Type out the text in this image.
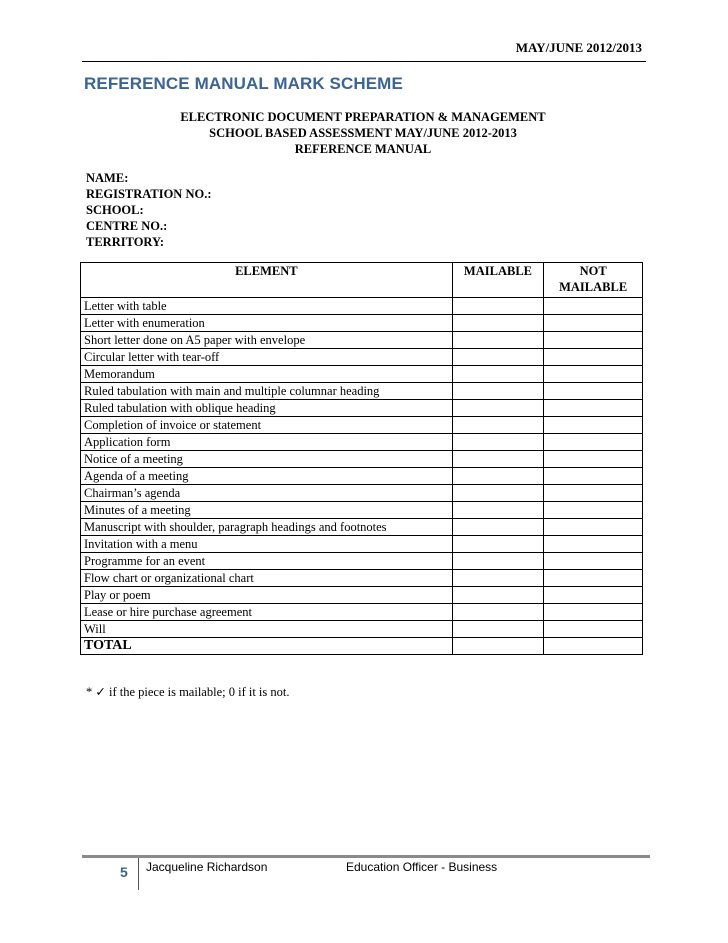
MAY/JUNE 2012/2013
REFERENCE MANUAL MARK SCHEME
ELECTRONIC DOCUMENT PREPARATION & MANAGEMENT
SCHOOL BASED ASSESSMENT MAY/JUNE 2012-2013
REFERENCE MANUAL
NAME:
REGISTRATION NO.:
SCHOOL:
CENTRE NO.:
TERRITORY:
ELEMENT	MAILABLE	NOT
MAILABLE

Letter with table		
Letter with enumeration		
Short letter done on A5 paper with envelope		
Circular letter with tear-off		
Memorandum		
Ruled tabulation with main and multiple columnar heading		
Ruled tabulation with oblique heading		
Completion of invoice or statement		
Application form		
Notice of a meeting		
Agenda of a meeting		
Chairman’s agenda		
Minutes of a meeting		
Manuscript with shoulder, paragraph headings and footnotes		
Invitation with a menu		
Programme for an event		
Flow chart or organizational chart		
Play or poem		
Lease or hire purchase agreement		
Will		
TOTAL		
* ✓ if the piece is mailable; 0 if it is not.
5 Jacqueline Richardson	Education Officer - Business
